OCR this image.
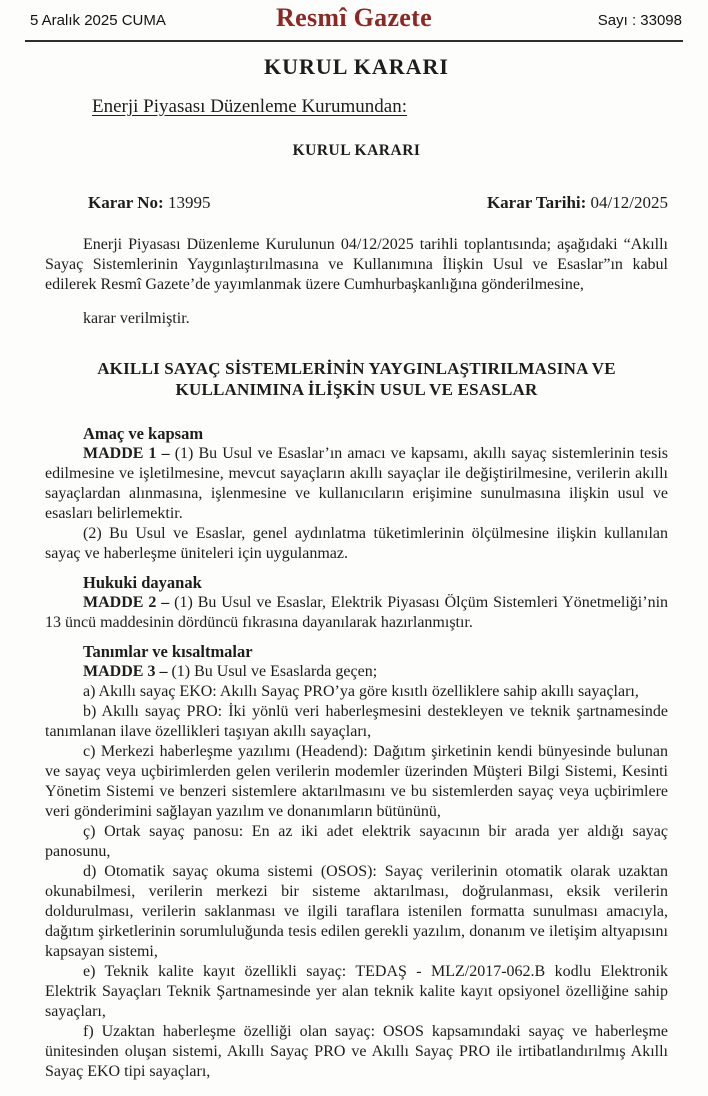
5 Aralık 2025 CUMA	Resmî Gazete	Sayı : 33098

KURUL KARARI

Enerji Piyasası Düzenleme Kurumundan:

KURUL KARARI

Karar No: 13995	Karar Tarihi: 04/12/2025

Enerji Piyasası Düzenleme Kurulunun 04/12/2025 tarihli toplantısında; aşağıdaki “Akıllı Sayaç Sistemlerinin Yaygınlaştırılmasına ve Kullanımına İlişkin Usul ve Esaslar”ın kabul edilerek Resmî Gazete’de yayımlanmak üzere Cumhurbaşkanlığına gönderilmesine,

karar verilmiştir.

AKILLI SAYAÇ SİSTEMLERİNİN YAYGINLAŞTIRILMASINA VE
KULLANIMINA İLİŞKİN USUL VE ESASLAR

Amaç ve kapsam

MADDE 1 – (1) Bu Usul ve Esaslar’ın amacı ve kapsamı, akıllı sayaç sistemlerinin tesis edilmesine ve işletilmesine, mevcut sayaçların akıllı sayaçlar ile değiştirilmesine, verilerin akıllı sayaçlardan alınmasına, işlenmesine ve kullanıcıların erişimine sunulmasına ilişkin usul ve esasları belirlemektir.

(2) Bu Usul ve Esaslar, genel aydınlatma tüketimlerinin ölçülmesine ilişkin kullanılan sayaç ve haberleşme üniteleri için uygulanmaz.

Hukuki dayanak

MADDE 2 – (1) Bu Usul ve Esaslar, Elektrik Piyasası Ölçüm Sistemleri Yönetmeliği’nin 13 üncü maddesinin dördüncü fıkrasına dayanılarak hazırlanmıştır.

Tanımlar ve kısaltmalar

MADDE 3 – (1) Bu Usul ve Esaslarda geçen;

a) Akıllı sayaç EKO: Akıllı Sayaç PRO’ya göre kısıtlı özelliklere sahip akıllı sayaçları,

b) Akıllı sayaç PRO: İki yönlü veri haberleşmesini destekleyen ve teknik şartnamesinde tanımlanan ilave özellikleri taşıyan akıllı sayaçları,

c) Merkezi haberleşme yazılımı (Headend): Dağıtım şirketinin kendi bünyesinde bulunan ve sayaç veya uçbirimlerden gelen verilerin modemler üzerinden Müşteri Bilgi Sistemi, Kesinti Yönetim Sistemi ve benzeri sistemlere aktarılmasını ve bu sistemlerden sayaç veya uçbirimlere veri gönderimini sağlayan yazılım ve donanımların bütününü,

ç) Ortak sayaç panosu: En az iki adet elektrik sayacının bir arada yer aldığı sayaç panosunu,

d) Otomatik sayaç okuma sistemi (OSOS): Sayaç verilerinin otomatik olarak uzaktan okunabilmesi, verilerin merkezi bir sisteme aktarılması, doğrulanması, eksik verilerin doldurulması, verilerin saklanması ve ilgili taraflara istenilen formatta sunulması amacıyla, dağıtım şirketlerinin sorumluluğunda tesis edilen gerekli yazılım, donanım ve iletişim altyapısını kapsayan sistemi,

e) Teknik kalite kayıt özellikli sayaç: TEDAŞ - MLZ/2017-062.B kodlu Elektronik Elektrik Sayaçları Teknik Şartnamesinde yer alan teknik kalite kayıt opsiyonel özelliğine sahip sayaçları,

f) Uzaktan haberleşme özelliği olan sayaç: OSOS kapsamındaki sayaç ve haberleşme ünitesinden oluşan sistemi, Akıllı Sayaç PRO ve Akıllı Sayaç PRO ile irtibatlandırılmış Akıllı Sayaç EKO tipi sayaçları,
